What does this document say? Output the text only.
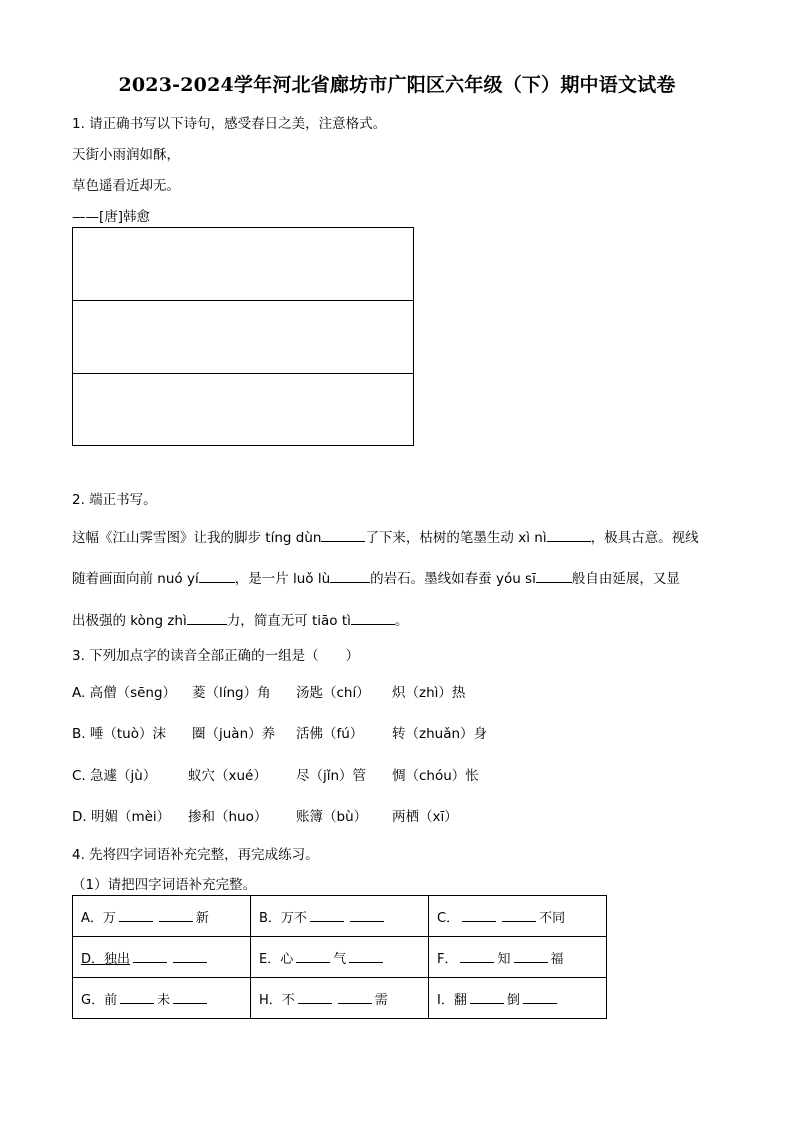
2023-2024学年河北省廊坊市广阳区六年级（下）期中语文试卷
1. 请正确书写以下诗句，感受春日之美，注意格式。
天街小雨润如酥，
草色遥看近却无。
——[唐]韩愈
2. 端正书写。
这幅《江山霁雪图》让我的脚步 tíng dùn	了下来，枯树的笔墨生动 xì nì	，极具古意。视线
随着画面向前 nuó yí	，是一片 luǒ lù	的岩石。墨线如春蚕 yóu sī	般自由延展，又显
出极强的 kòng zhì	力，简直无可 tiāo tì	。
3. 下列加点字的读音全部正确的一组是（　　）
A. 高僧（sēng） 菱（líng）角 汤匙（chí） 炽（zhì）热
B. 唾（tuò）沫 圈（juàn）养 活佛（fú） 转（zhuǎn）身
C. 急遽（jù） 蚁穴（xué） 尽（jǐn）管 惆（chóu）怅
D. 明媚（mèi） 掺和（huo） 账簿（bù） 两栖（xī）
4. 先将四字词语补充完整，再完成练习。
（1）请把四字词语补充完整。
A．万 新	B．万不	C． 不同
D．独出	E．心 气	F． 知 福
G．前 未	H．不 需	I．翻 倒
